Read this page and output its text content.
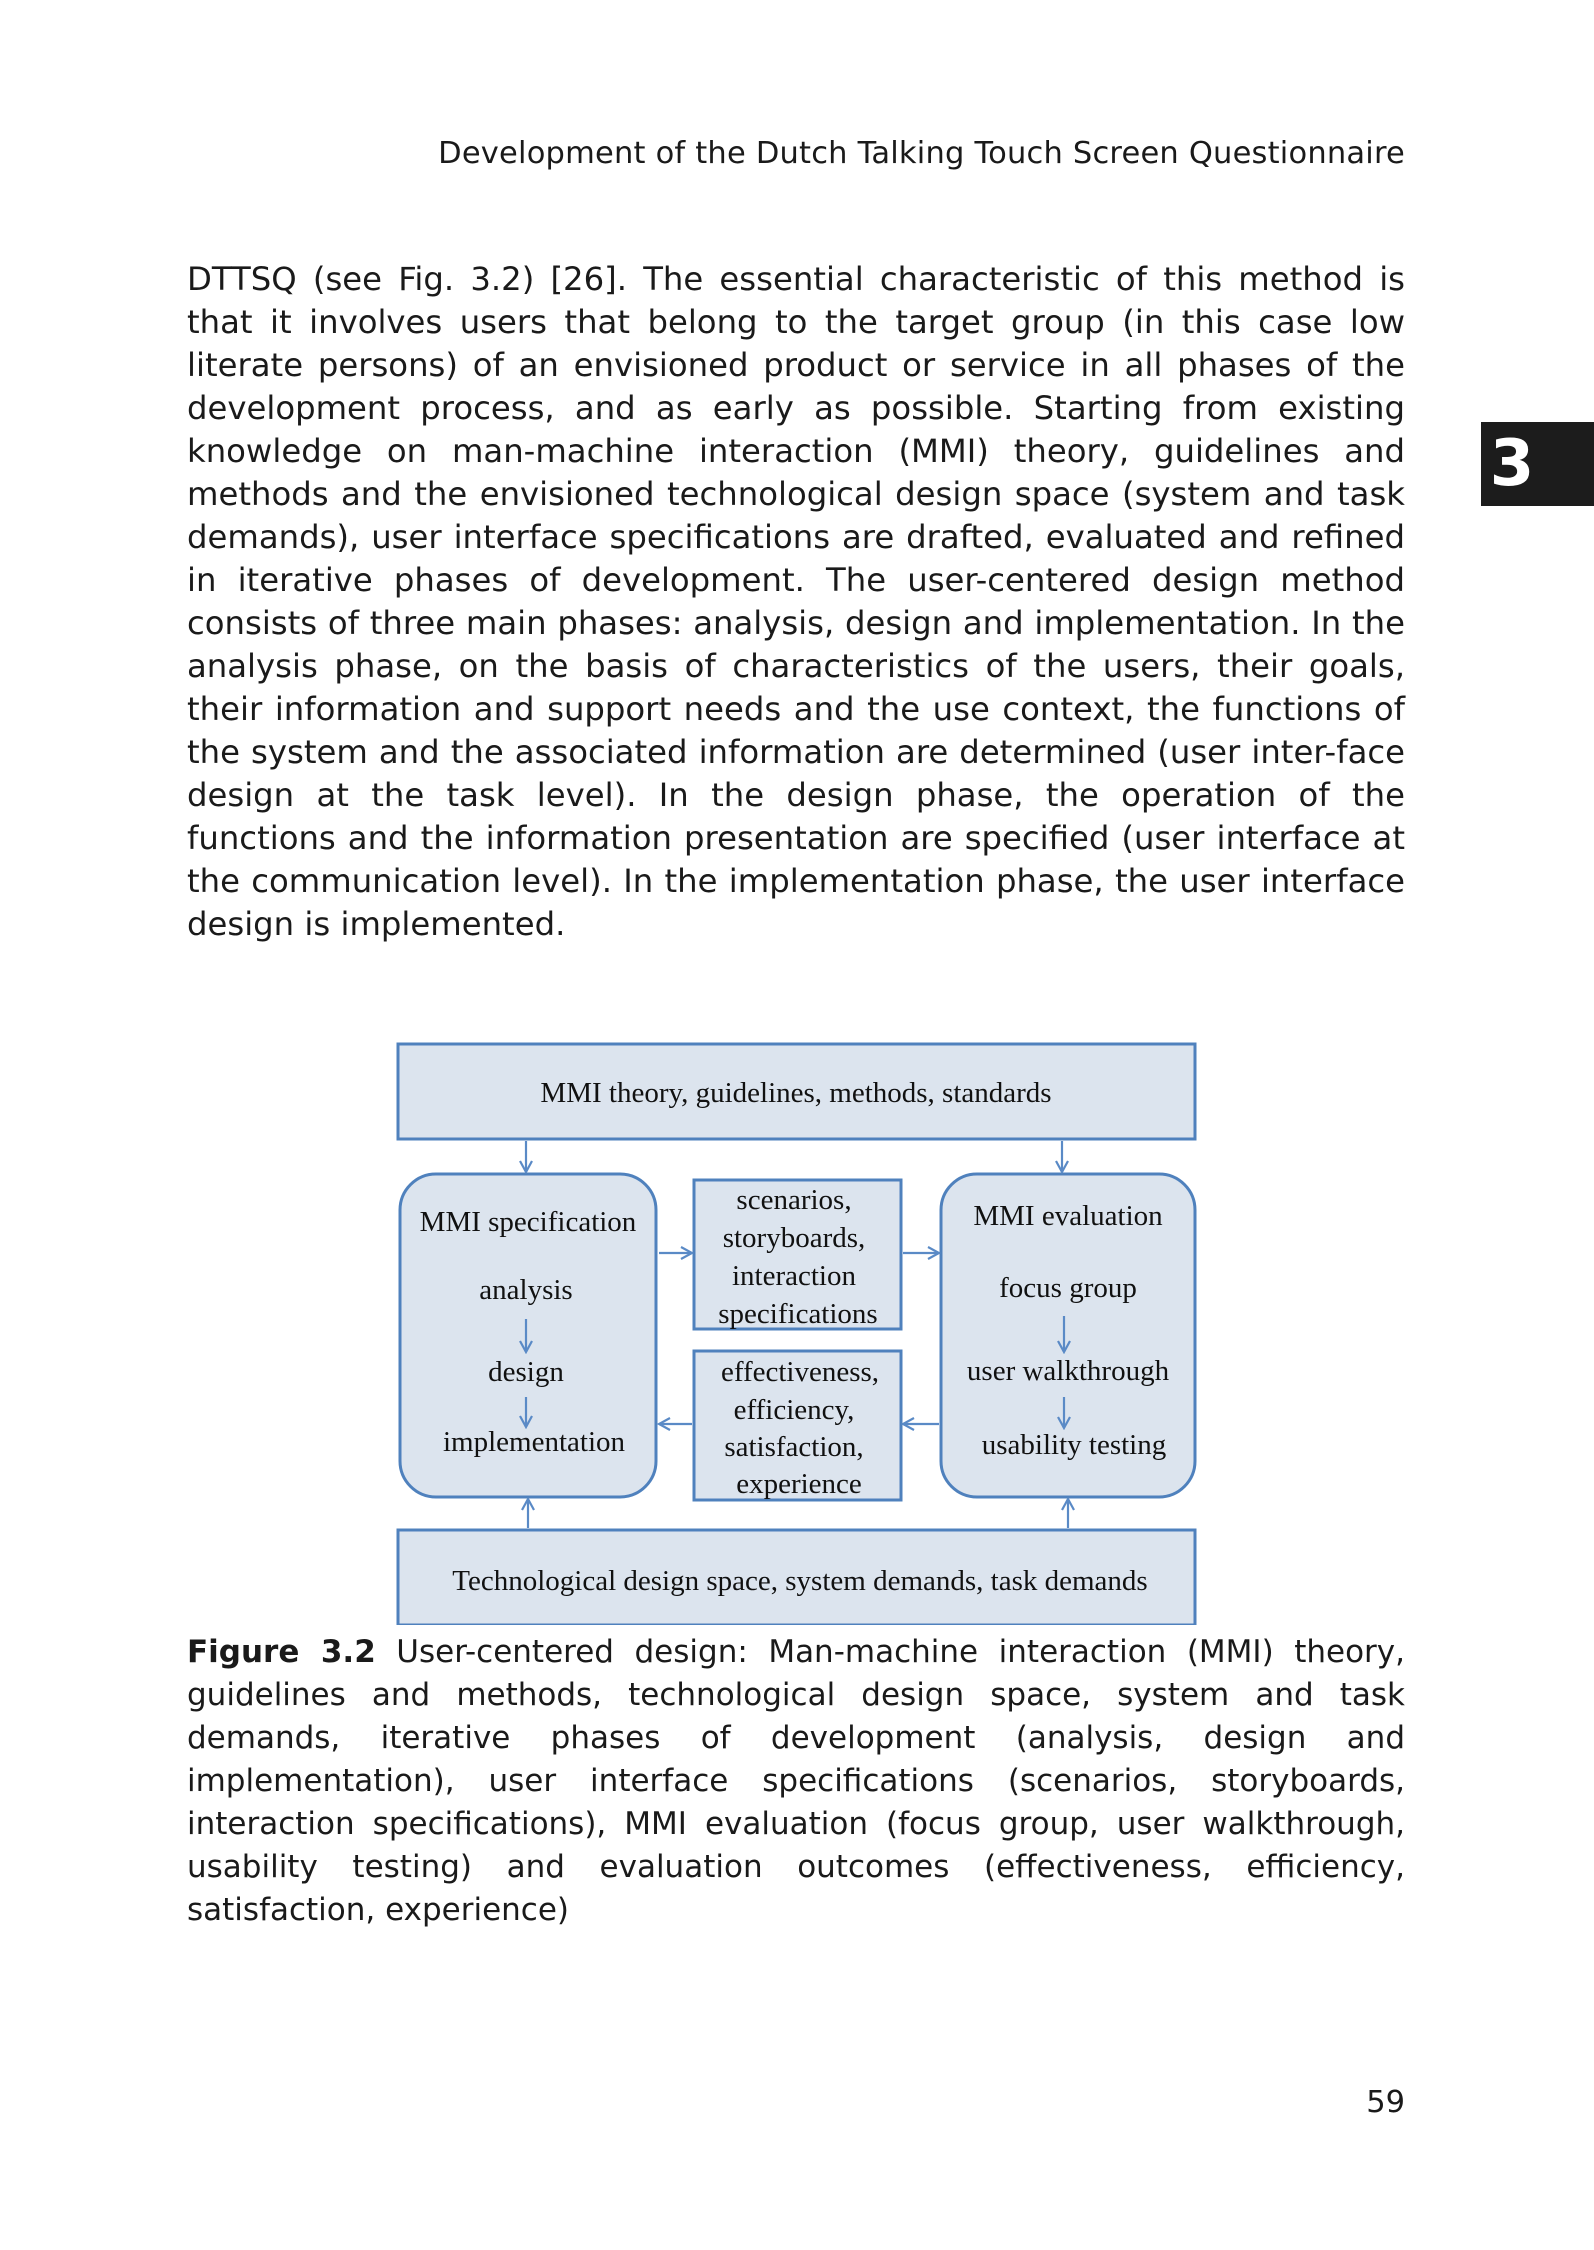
Development of the Dutch Talking Touch Screen Questionnaire
3

DTTSQ (see Fig. 3.2) [26]. The essential characteristic of this method is that it involves users that belong to the target group (in this case low literate persons) of an envisioned product or service in all phases of the development process, and as early as possible. Starting from existing knowledge on man-machine interaction (MMI) theory, guidelines and methods and the envisioned technological design space (system and task demands), user interface specifications are drafted, evaluated and refined in iterative phases of development. The user-centered design method consists of three main phases: analysis, design and implementation. In the analysis phase, on the basis of characteristics of the users, their goals, their information and support needs and the use context, the functions of the system and the associated information are determined (user inter-face design at the task level). In the design phase, the operation of the functions and the information presentation are specified (user interface at the communication level). In the implementation phase, the user interface design is implemented.

MMI theory, guidelines, methods, standards
Technological design space, system demands, task demands
MMI specification
analysis
design
implementation
MMI evaluation
focus group
user walkthrough
usability testing
scenarios,
storyboards,
interaction
specifications
effectiveness,
efficiency,
satisfaction,
experience

Figure 3.2 User-centered design: Man-machine interaction (MMI) theory, guidelines and methods, technological design space, system and task demands, iterative phases of development (analysis, design and implementation), user interface specifications (scenarios, storyboards, interaction specifications), MMI evaluation (focus group, user walkthrough, usability testing) and evaluation outcomes (effectiveness, efficiency, satisfaction, experience)

59
